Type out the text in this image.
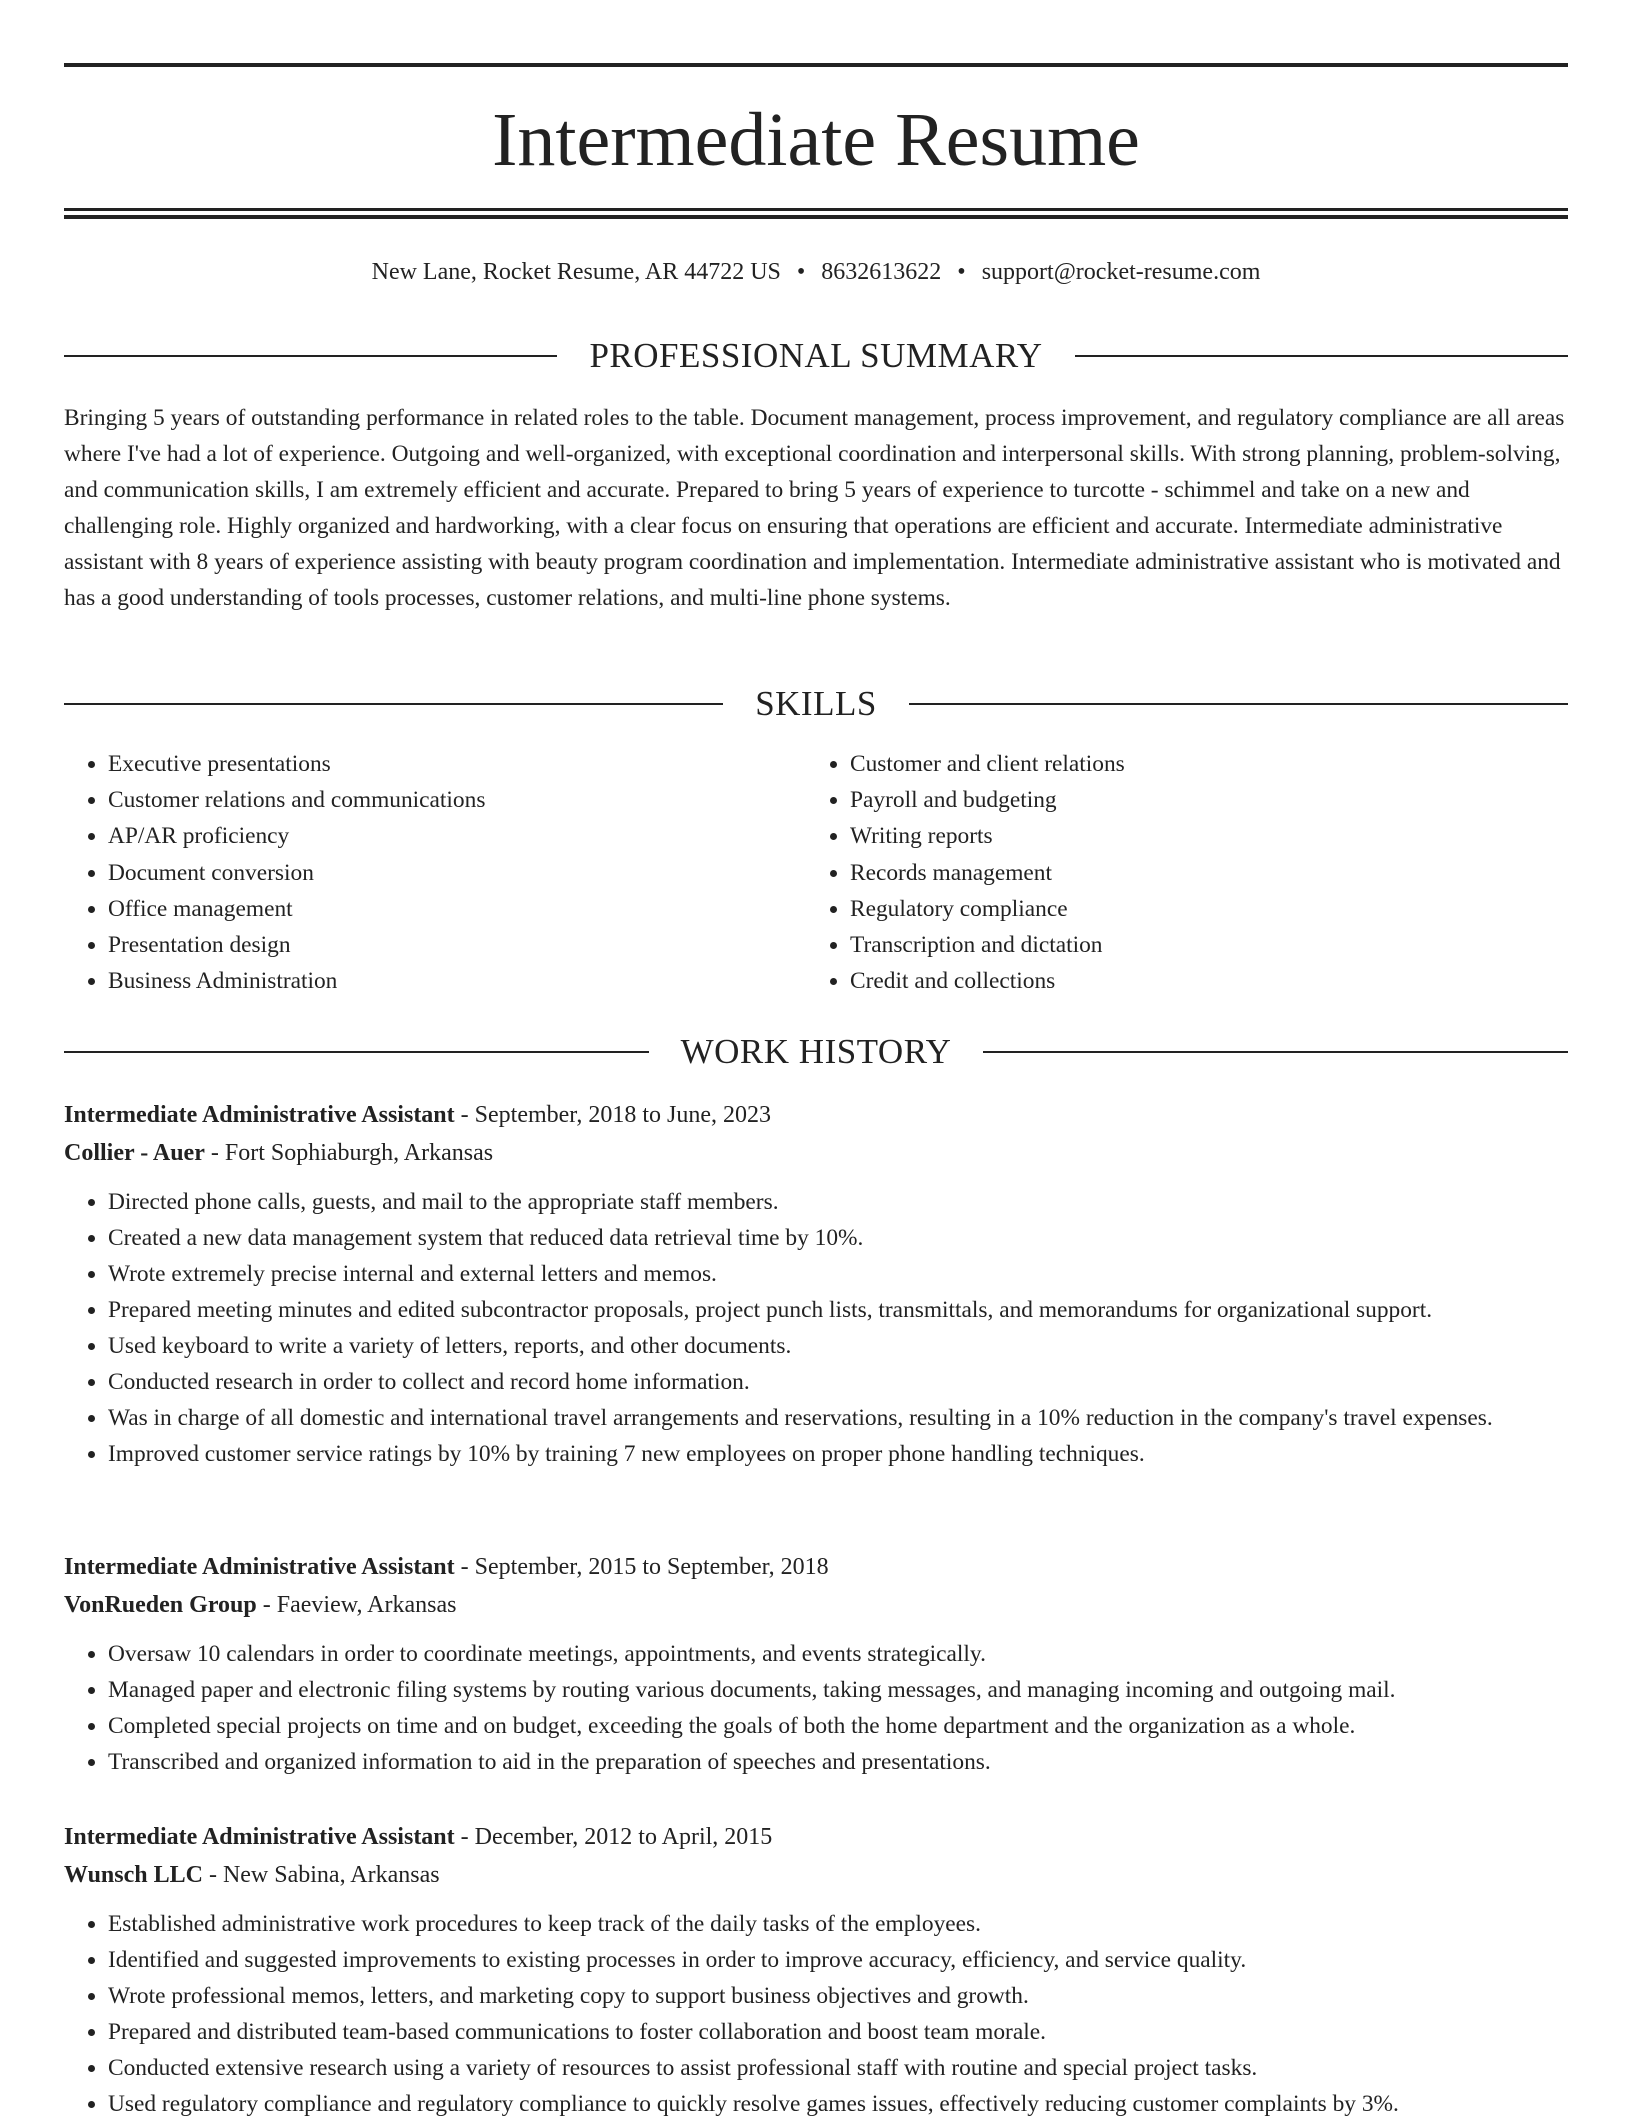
Intermediate Resume
New Lane, Rocket Resume, AR 44722 US • 8632613622 • support@rocket-resume.com
PROFESSIONAL SUMMARY

Bringing 5 years of outstanding performance in related roles to the table. Document management, process improvement, and regulatory compliance are all areas where I've had a lot of experience. Outgoing and well-organized, with exceptional coordination and interpersonal skills. With strong planning, problem-solving, and communication skills, I am extremely efficient and accurate. Prepared to bring 5 years of experience to turcotte - schimmel and take on a new and challenging role. Highly organized and hardworking, with a clear focus on ensuring that operations are efficient and accurate. Intermediate administrative assistant with 8 years of experience assisting with beauty program coordination and implementation. Intermediate administrative assistant who is motivated and has a good understanding of tools processes, customer relations, and multi-line phone systems.

SKILLS
• Executive presentations
• Customer relations and communications
• AP/AR proficiency
• Document conversion
• Office management
• Presentation design
• Business Administration
• Customer and client relations
• Payroll and budgeting
• Writing reports
• Records management
• Regulatory compliance
• Transcription and dictation
• Credit and collections
WORK HISTORY
Intermediate Administrative Assistant - September, 2018 to June, 2023
Collier - Auer - Fort Sophiaburgh, Arkansas
• Directed phone calls, guests, and mail to the appropriate staff members.
• Created a new data management system that reduced data retrieval time by 10%.
• Wrote extremely precise internal and external letters and memos.
• Prepared meeting minutes and edited subcontractor proposals, project punch lists, transmittals, and memorandums for organizational support.
• Used keyboard to write a variety of letters, reports, and other documents.
• Conducted research in order to collect and record home information.
• Was in charge of all domestic and international travel arrangements and reservations, resulting in a 10% reduction in the company's travel expenses.
• Improved customer service ratings by 10% by training 7 new employees on proper phone handling techniques.
Intermediate Administrative Assistant - September, 2015 to September, 2018
VonRueden Group - Faeview, Arkansas
• Oversaw 10 calendars in order to coordinate meetings, appointments, and events strategically.
• Managed paper and electronic filing systems by routing various documents, taking messages, and managing incoming and outgoing mail.
• Completed special projects on time and on budget, exceeding the goals of both the home department and the organization as a whole.
• Transcribed and organized information to aid in the preparation of speeches and presentations.
Intermediate Administrative Assistant - December, 2012 to April, 2015
Wunsch LLC - New Sabina, Arkansas
• Established administrative work procedures to keep track of the daily tasks of the employees.
• Identified and suggested improvements to existing processes in order to improve accuracy, efficiency, and service quality.
• Wrote professional memos, letters, and marketing copy to support business objectives and growth.
• Prepared and distributed team-based communications to foster collaboration and boost team morale.
• Conducted extensive research using a variety of resources to assist professional staff with routine and special project tasks.
• Used regulatory compliance and regulatory compliance to quickly resolve games issues, effectively reducing customer complaints by 3%.
